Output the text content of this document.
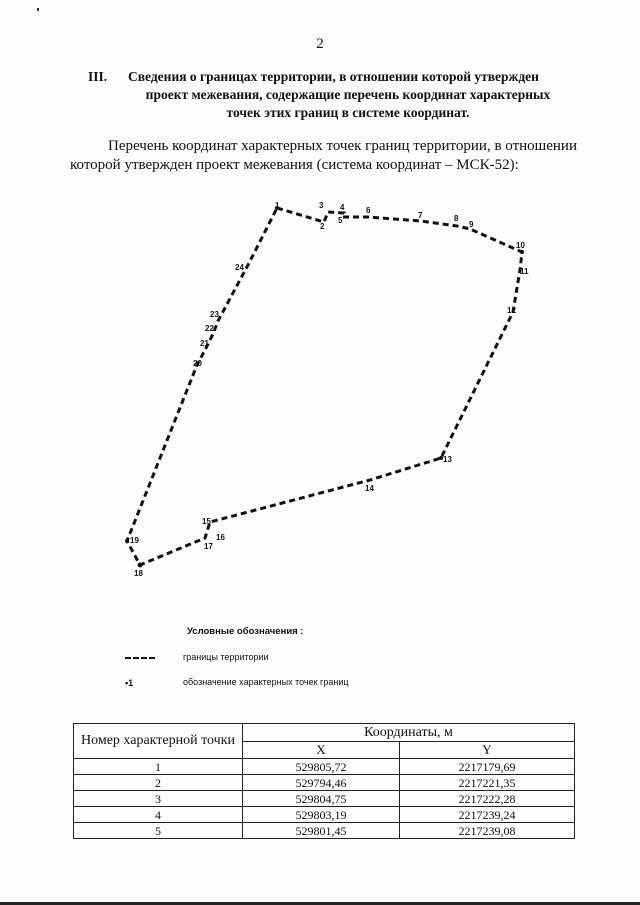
2
III. Сведения о границах территории, в отношении которой утвержден
проект межевания, содержащие перечень координат характерных
точек этих границ в системе координат.
Перечень координат характерных точек границ территории, в отношении
которой утвержден проект межевания (система координат – МСК-52):
1
2
3 4
5
6
7	8
9
10
11
12
13
14
15
16
17
18
19
20
21
22
23
24
Условные обозначения :
границы территории
•1	обозначение характерных точек границ
Номер характерной точки	Координаты, м	
	X	Y
1	529805,72	2217179,69
2	529794,46	2217221,35
3	529804,75	2217222,28
4	529803,19	2217239,24
5	529801,45	2217239,08
